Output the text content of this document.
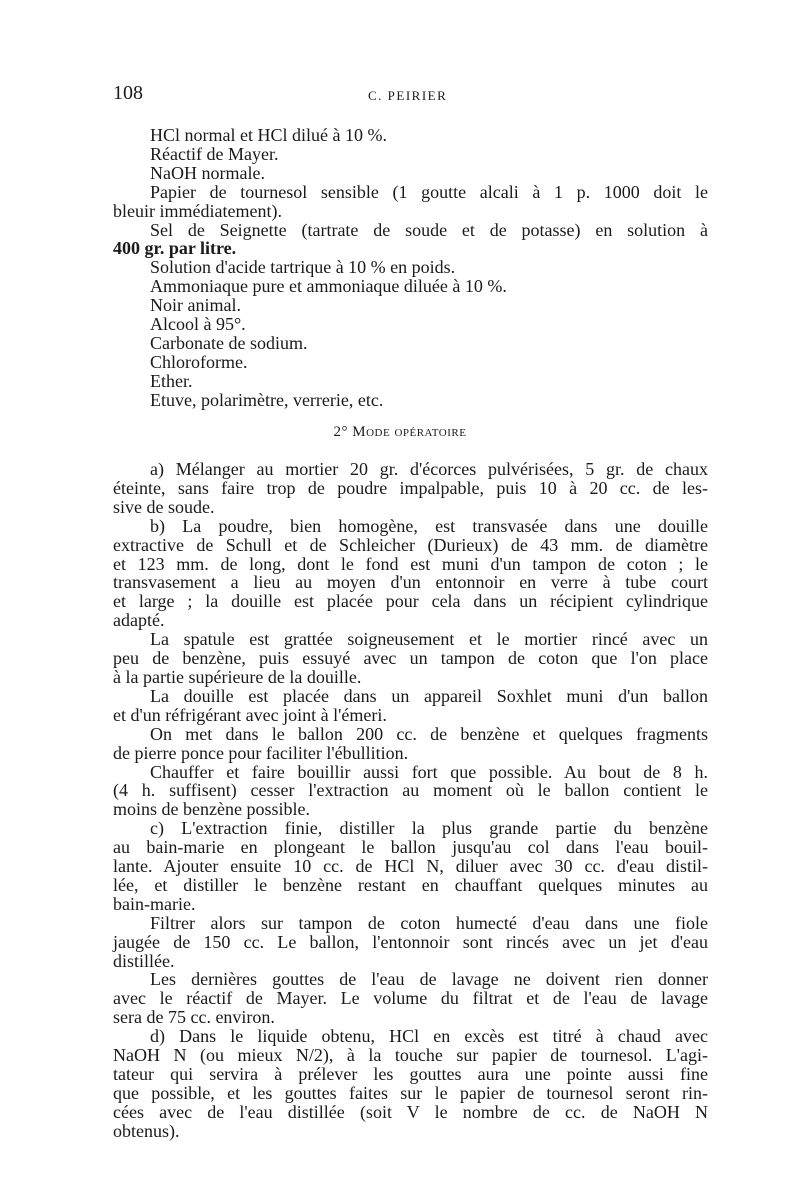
108	C. PEIRIER
HCl normal et HCl dilué à 10 %.
Réactif de Mayer.
NaOH normale.
Papier de tournesol sensible (1 goutte alcali à 1 p. 1000 doit le
bleuir immédiatement).
Sel de Seignette (tartrate de soude et de potasse) en solution à
400 gr. par litre.
Solution d'acide tartrique à 10 % en poids.
Ammoniaque pure et ammoniaque diluée à 10 %.
Noir animal.
Alcool à 95°.
Carbonate de sodium.
Chloroforme.
Ether.
Etuve, polarimètre, verrerie, etc.
2° Mode opératoire
a) Mélanger au mortier 20 gr. d'écorces pulvérisées, 5 gr. de chaux
éteinte, sans faire trop de poudre impalpable, puis 10 à 20 cc. de les-
sive de soude.
b) La poudre, bien homogène, est transvasée dans une douille
extractive de Schull et de Schleicher (Durieux) de 43 mm. de diamètre
et 123 mm. de long, dont le fond est muni d'un tampon de coton ; le
transvasement a lieu au moyen d'un entonnoir en verre à tube court
et large ; la douille est placée pour cela dans un récipient cylindrique
adapté.
La spatule est grattée soigneusement et le mortier rincé avec un
peu de benzène, puis essuyé avec un tampon de coton que l'on place
à la partie supérieure de la douille.
La douille est placée dans un appareil Soxhlet muni d'un ballon
et d'un réfrigérant avec joint à l'émeri.
On met dans le ballon 200 cc. de benzène et quelques fragments
de pierre ponce pour faciliter l'ébullition.
Chauffer et faire bouillir aussi fort que possible. Au bout de 8 h.
(4 h. suffisent) cesser l'extraction au moment où le ballon contient le
moins de benzène possible.
c) L'extraction finie, distiller la plus grande partie du benzène
au bain-marie en plongeant le ballon jusqu'au col dans l'eau bouil-
lante. Ajouter ensuite 10 cc. de HCl N, diluer avec 30 cc. d'eau distil-
lée, et distiller le benzène restant en chauffant quelques minutes au
bain-marie.
Filtrer alors sur tampon de coton humecté d'eau dans une fiole
jaugée de 150 cc. Le ballon, l'entonnoir sont rincés avec un jet d'eau
distillée.
Les dernières gouttes de l'eau de lavage ne doivent rien donner
avec le réactif de Mayer. Le volume du filtrat et de l'eau de lavage
sera de 75 cc. environ.
d) Dans le liquide obtenu, HCl en excès est titré à chaud avec
NaOH N (ou mieux N/2), à la touche sur papier de tournesol. L'agi-
tateur qui servira à prélever les gouttes aura une pointe aussi fine
que possible, et les gouttes faites sur le papier de tournesol seront rin-
cées avec de l'eau distillée (soit V le nombre de cc. de NaOH N
obtenus).
